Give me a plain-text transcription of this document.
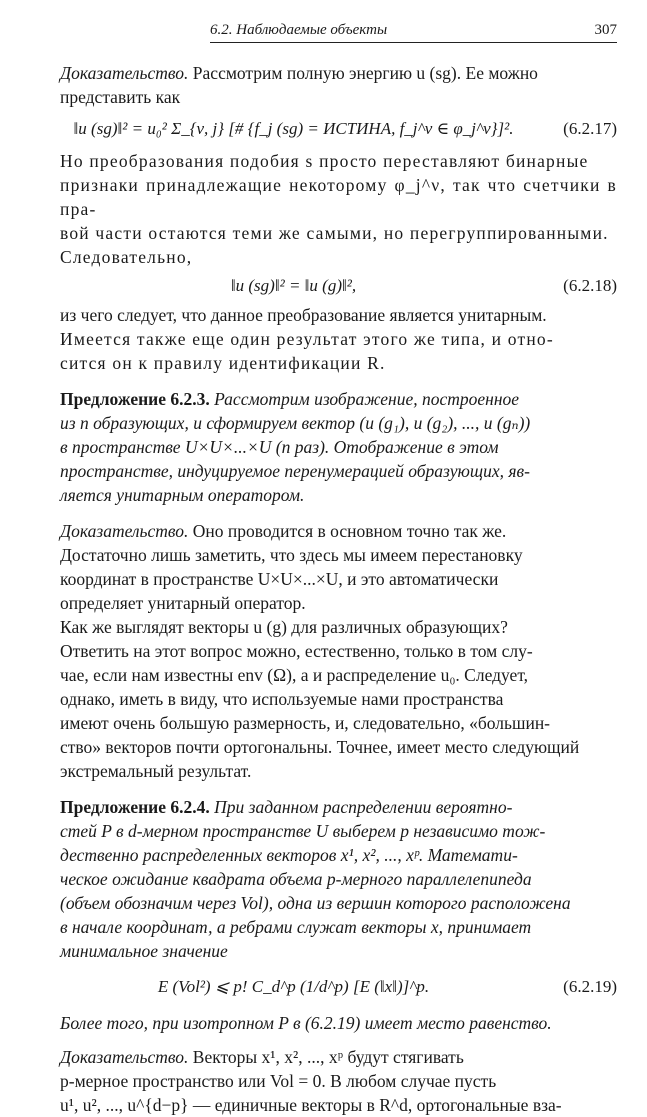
6.2. Наблюдаемые объекты	307

Доказательство. Рассмотрим полную энергию u (sg). Ее можно
представить как

‖u (sg)‖² = u₀² Σ_{ν, j} [# {f_j (sg) = ИСТИНА, f_j^ν ∈ φ_j^ν}]².	(6.2.17)

Но преобразования подобия s просто переставляют бинарные
признаки принадлежащие некоторому φ_j^ν, так что счетчики в пра-
вой части остаются теми же самыми, но перегруппированными.
Следовательно,

‖u (sg)‖² = ‖u (g)‖²,	(6.2.18)

из чего следует, что данное преобразование является унитарным.

Имеется также еще один результат этого же типа, и отно-
сится он к правилу идентификации R.

Предложение 6.2.3. Рассмотрим изображение, построенное
из n образующих, и сформируем вектор (u (g₁), u (g₂), ..., u (gₙ))
в пространстве U×U×...×U (n раз). Отображение в этом
пространстве, индуцируемое перенумерацией образующих, яв-
ляется унитарным оператором.

Доказательство. Оно проводится в основном точно так же.
Достаточно лишь заметить, что здесь мы имеем перестановку
координат в пространстве U×U×...×U, и это автоматически
определяет унитарный оператор.

Как же выглядят векторы u (g) для различных образующих?
Ответить на этот вопрос можно, естественно, только в том слу-
чае, если нам известны env (Ω), a и распределение u₀. Следует,
однако, иметь в виду, что используемые нами пространства
имеют очень большую размерность, и, следовательно, «большин-
ство» векторов почти ортогональны. Точнее, имеет место следующий
экстремальный результат.

Предложение 6.2.4. При заданном распределении вероятно-
стей P в d-мерном пространстве U выберем p независимо тож-
дественно распределенных векторов x¹, x², ..., xᵖ. Математи-
ческое ожидание квадрата объема p-мерного параллелепипеда
(объем обозначим через Vol), одна из вершин которого расположена
в начале координат, а ребрами служат векторы x, принимает
минимальное значение

E (Vol²) ⩽ p! C_d^p (1/d^p) [E (‖x‖)]^p.	(6.2.19)

Более того, при изотропном P в (6.2.19) имеет место равенство.

Доказательство. Векторы x¹, x², ..., xᵖ будут стягивать
p-мерное пространство или Vol = 0. В любом случае пусть
u¹, u², ..., u^{d−p} — единичные векторы в R^d, ортогональные вза-
